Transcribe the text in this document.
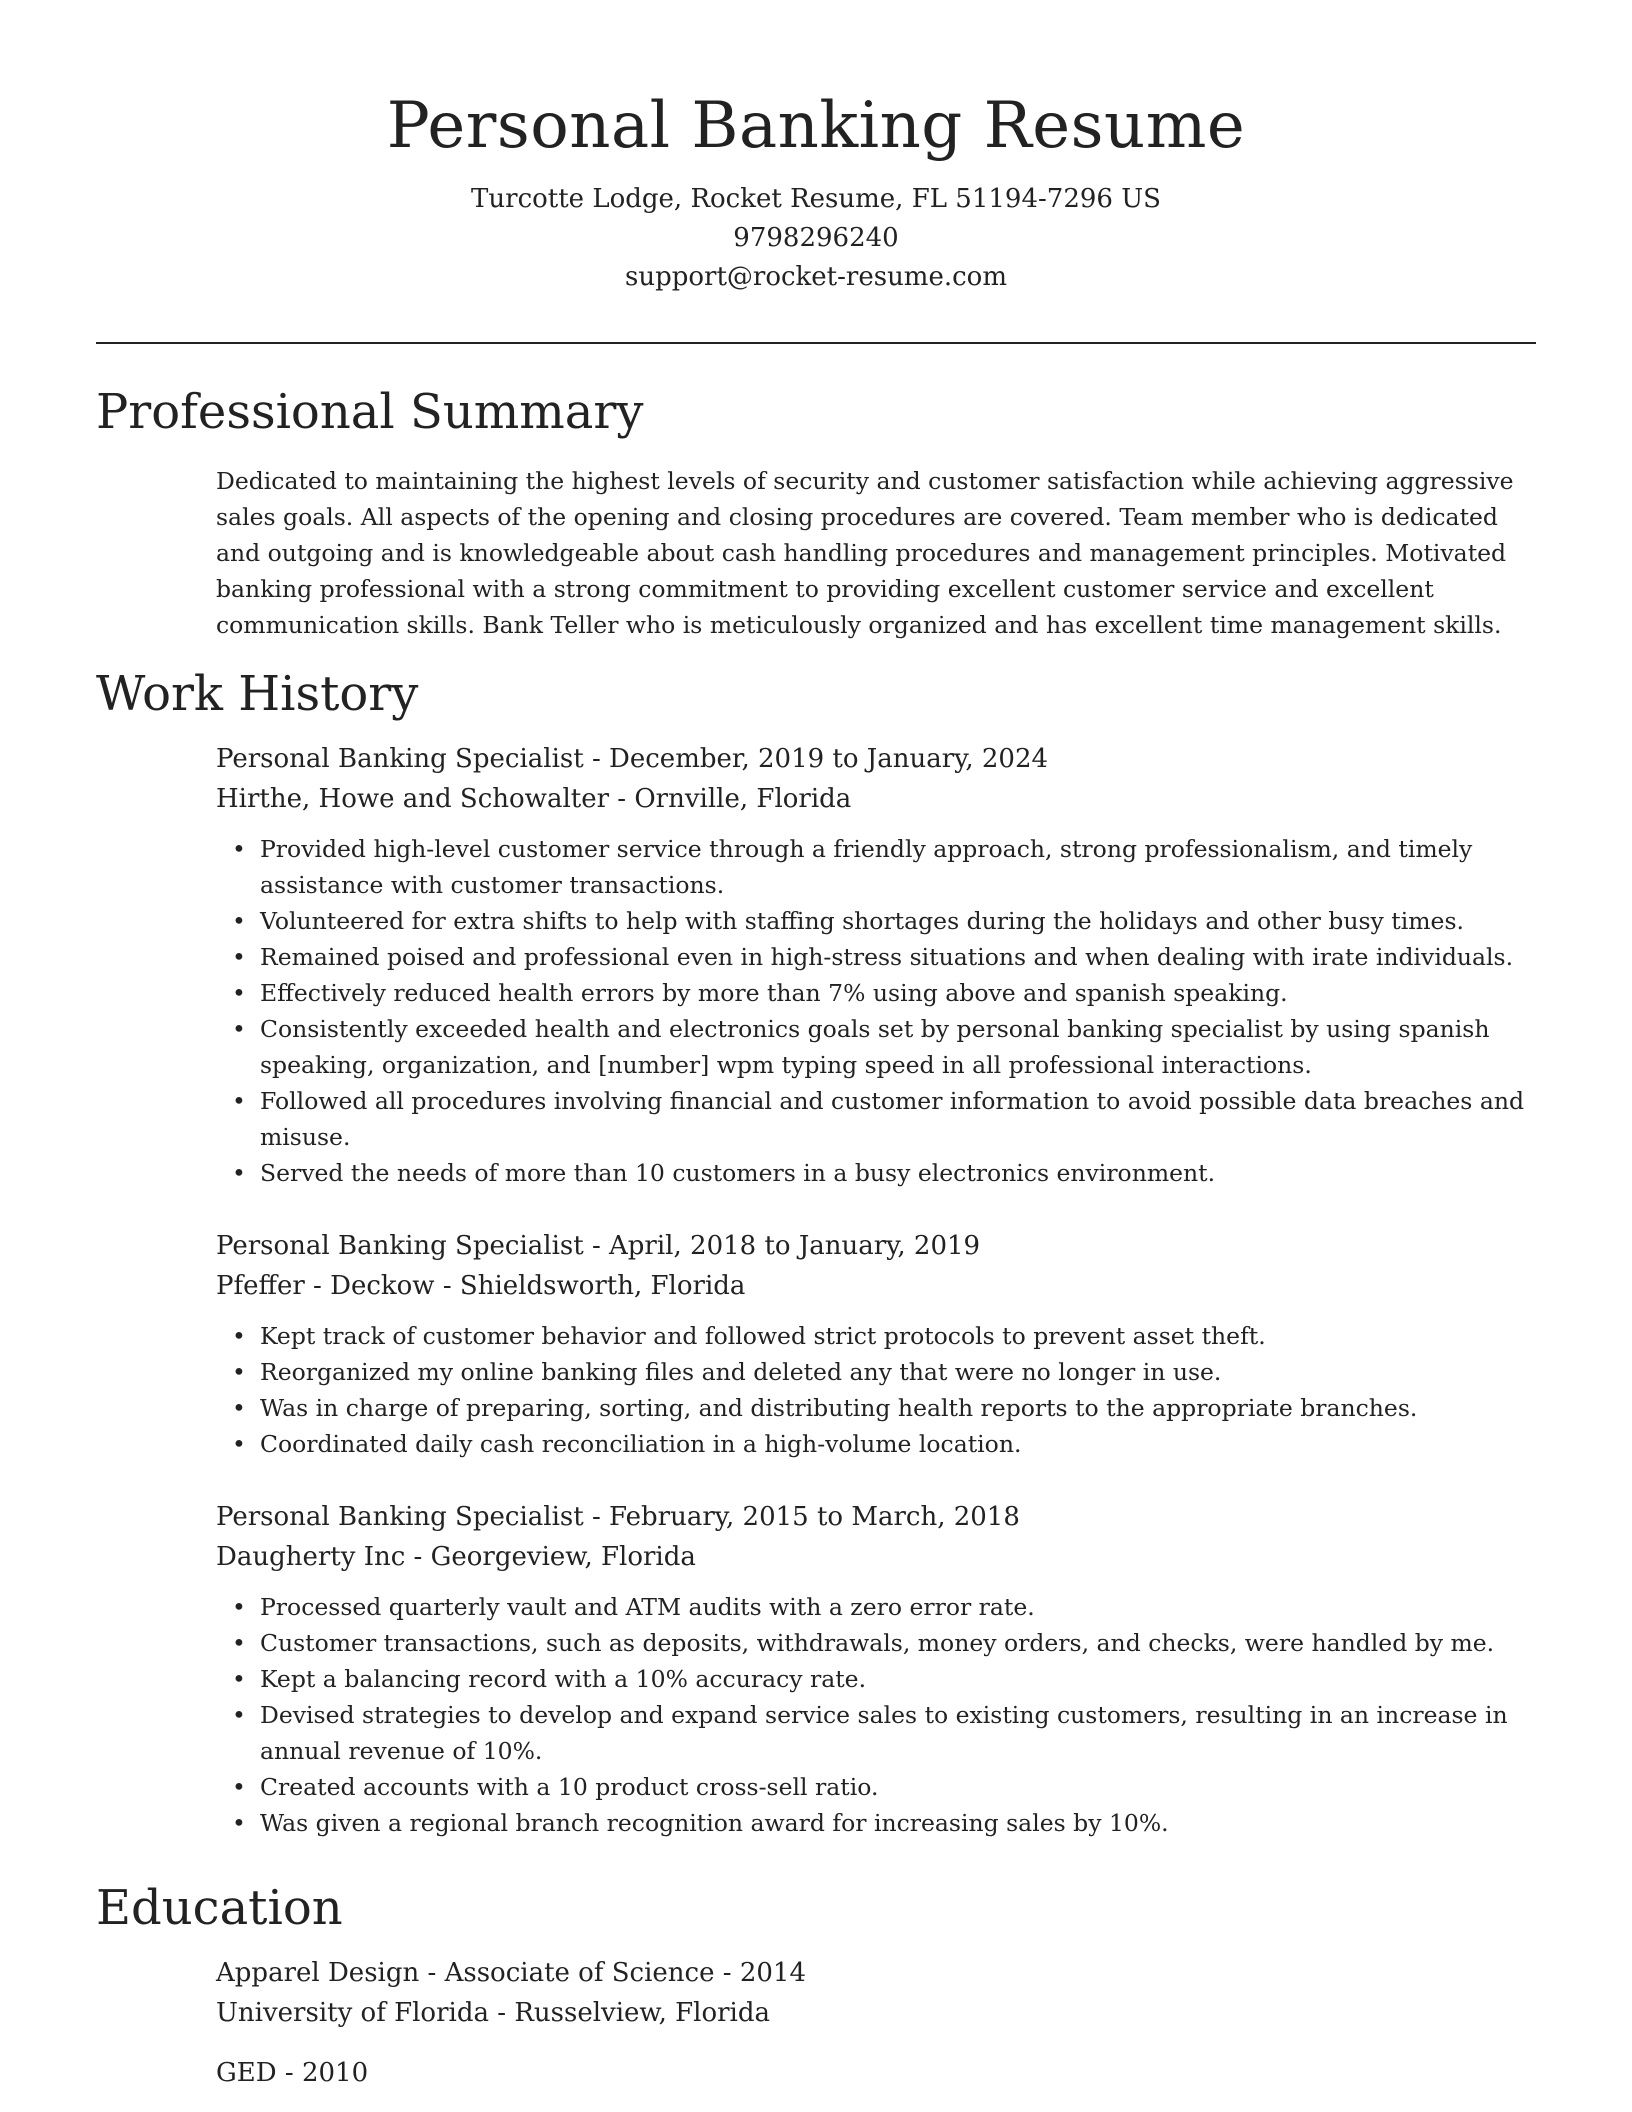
Personal Banking Resume
Turcotte Lodge, Rocket Resume, FL 51194-7296 US
9798296240
support@rocket-resume.com
Professional Summary
Dedicated to maintaining the highest levels of security and customer satisfaction while achieving aggressive sales goals. All aspects of the opening and closing procedures are covered. Team member who is dedicated and outgoing and is knowledgeable about cash handling procedures and management principles. Motivated banking professional with a strong commitment to providing excellent customer service and excellent communication skills. Bank Teller who is meticulously organized and has excellent time management skills.
Work History
Personal Banking Specialist - December, 2019 to January, 2024
Hirthe, Howe and Schowalter - Ornville, Florida
• Provided high-level customer service through a friendly approach, strong professionalism, and timely assistance with customer transactions.
• Volunteered for extra shifts to help with staffing shortages during the holidays and other busy times.
• Remained poised and professional even in high-stress situations and when dealing with irate individuals.
• Effectively reduced health errors by more than 7% using above and spanish speaking.
• Consistently exceeded health and electronics goals set by personal banking specialist by using spanish speaking, organization, and [number] wpm typing speed in all professional interactions.
• Followed all procedures involving financial and customer information to avoid possible data breaches and misuse.
• Served the needs of more than 10 customers in a busy electronics environment.
Personal Banking Specialist - April, 2018 to January, 2019
Pfeffer - Deckow - Shieldsworth, Florida
• Kept track of customer behavior and followed strict protocols to prevent asset theft.
• Reorganized my online banking files and deleted any that were no longer in use.
• Was in charge of preparing, sorting, and distributing health reports to the appropriate branches.
• Coordinated daily cash reconciliation in a high-volume location.
Personal Banking Specialist - February, 2015 to March, 2018
Daugherty Inc - Georgeview, Florida
• Processed quarterly vault and ATM audits with a zero error rate.
• Customer transactions, such as deposits, withdrawals, money orders, and checks, were handled by me.
• Kept a balancing record with a 10% accuracy rate.
• Devised strategies to develop and expand service sales to existing customers, resulting in an increase in annual revenue of 10%.
• Created accounts with a 10 product cross-sell ratio.
• Was given a regional branch recognition award for increasing sales by 10%.
Education
Apparel Design - Associate of Science - 2014
University of Florida - Russelview, Florida
GED - 2010
